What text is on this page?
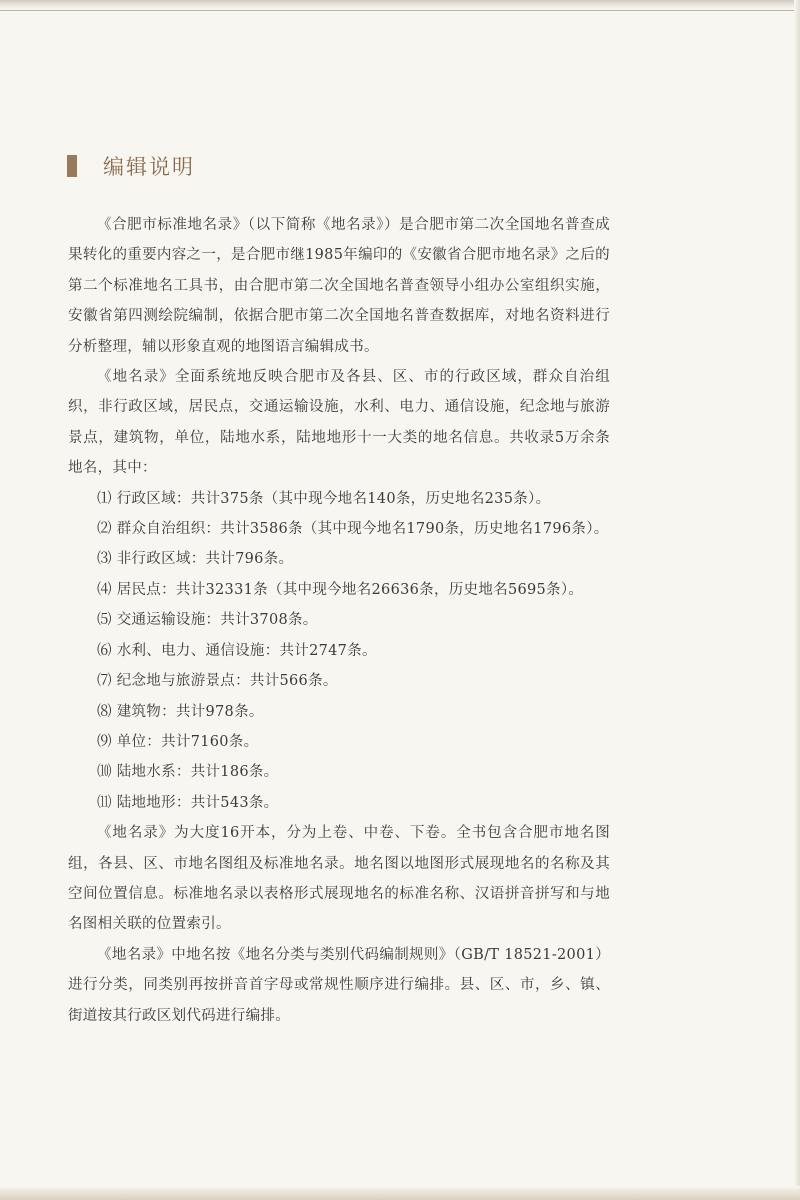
编辑说明

《合肥市标准地名录》（以下简称《地名录》）是合肥市第二次全国地名普查成果转化的重要内容之一，是合肥市继1985年编印的《安徽省合肥市地名录》之后的第二个标准地名工具书，由合肥市第二次全国地名普查领导小组办公室组织实施，安徽省第四测绘院编制，依据合肥市第二次全国地名普查数据库，对地名资料进行分析整理，辅以形象直观的地图语言编辑成书。

《地名录》全面系统地反映合肥市及各县、区、市的行政区域，群众自治组织，非行政区域，居民点，交通运输设施，水利、电力、通信设施，纪念地与旅游景点，建筑物，单位，陆地水系，陆地地形十一大类的地名信息。共收录5万余条地名，其中：

⑴ 行政区域：共计375条（其中现今地名140条，历史地名235条）。

⑵ 群众自治组织：共计3586条（其中现今地名1790条，历史地名1796条）。

⑶ 非行政区域：共计796条。

⑷ 居民点：共计32331条（其中现今地名26636条，历史地名5695条）。

⑸ 交通运输设施：共计3708条。

⑹ 水利、电力、通信设施：共计2747条。

⑺ 纪念地与旅游景点：共计566条。

⑻ 建筑物：共计978条。

⑼ 单位：共计7160条。

⑽ 陆地水系：共计186条。

⑾ 陆地地形：共计543条。

《地名录》为大度16开本，分为上卷、中卷、下卷。全书包含合肥市地名图组，各县、区、市地名图组及标准地名录。地名图以地图形式展现地名的名称及其空间位置信息。标准地名录以表格形式展现地名的标准名称、汉语拼音拼写和与地名图相关联的位置索引。

《地名录》中地名按《地名分类与类别代码编制规则》（GB/T 18521-2001）进行分类，同类别再按拼音首字母或常规性顺序进行编排。县、区、市，乡、镇、街道按其行政区划代码进行编排。
